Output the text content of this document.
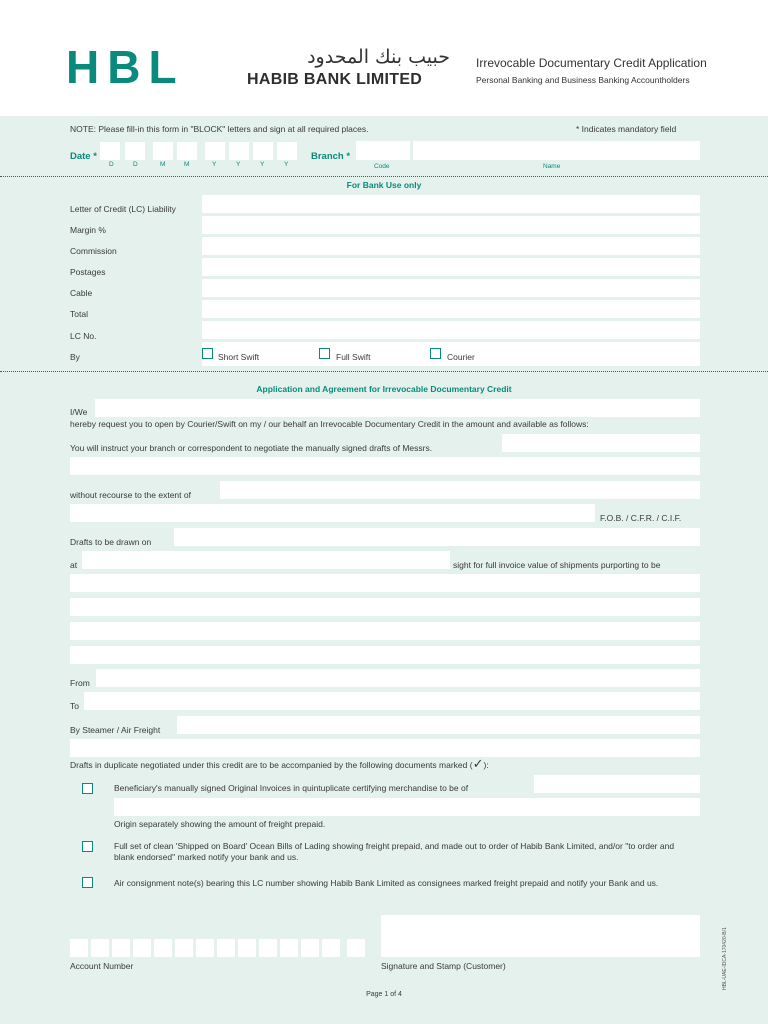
HBL	حبيب بنك المحدود
HABIB BANK LIMITED
Irrevocable Documentary Credit Application
Personal Banking and Business Banking Accountholders
NOTE: Please fill-in this form in "BLOCK" letters and sign at all required places.	* Indicates mandatory field
Date *
D	D	M	M	Y	Y	Y	Y
Branch *
Code	Name
For Bank Use only
Letter of Credit (LC) Liability
Margin %
Commission
Postages
Cable
Total
LC No.
By	Short Swift	Full Swift	Courier
Application and Agreement for Irrevocable Documentary Credit
I/We
hereby request you to open by Courier/Swift on my / our behalf an Irrevocable Documentary Credit in the amount and available as follows:
You will instruct your branch or correspondent to negotiate the manually signed drafts of Messrs.
without recourse to the extent of
F.O.B. / C.F.R. / C.I.F.
Drafts to be drawn on
at	sight for full invoice value of shipments purporting to be
From
To
By Steamer / Air Freight
Drafts in duplicate negotiated under this credit are to be accompanied by the following documents marked (✓):
Beneficiary's manually signed Original Invoices in quintuplicate certifying merchandise to be of
Origin separately showing the amount of freight prepaid.
Full set of clean 'Shipped on Board' Ocean Bills of Lading showing freight prepaid, and made out to order of Habib Bank Limited, and/or "to order and blank endorsed" marked notify your bank and us.
Air consignment note(s) bearing this LC number showing Habib Bank Limited as consignees marked freight prepaid and notify your Bank and us.
Account Number	Signature and Stamp (Customer)
Page 1 of 4
HBL-UAE-IDCA-170420-B/1
